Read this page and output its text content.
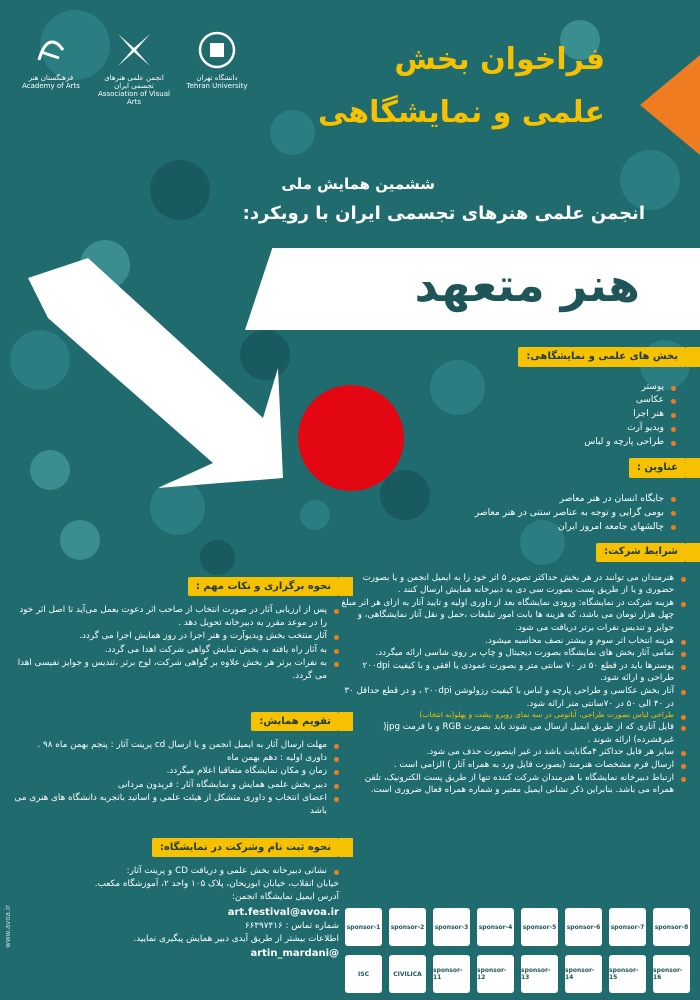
فرهنگستان هنر
Academy of Arts
انجمن علمی هنرهای تجسمی ایران
Association of Visual Arts
دانشگاه تهران
Tehran University
فراخوان بخش
علمی و نمایشگاهی
ششمین همایش ملی
انجمن علمی هنرهای تجسمی ایران با رویکرد:
هنر متعهد
بخش های علمی و نمایشگاهی:
پوستر
عکاسی
هنر اجرا
ویدیو آرت
طراحی پارچه و لباس
عناوین :
جایگاه انسان در هنر معاصر
بومی گرایی و توجه به عناصر سنتی در هنر معاصر
چالشهای جامعه امروز ایران
شرایط شرکت:
هنرمندان می توانند در هر بخش حداکثر تصویر ۵ اثر خود را به ایمیل انجمن و یا بصورت حضوری و یا از طریق پست بصورت سی دی به دبیرخانه همایش ارسال کنند .
هزینه شرکت در نمایشگاه: ورودی نمایشگاه بعد از داوری اولیه و تایید آثار به ازای هر اثر مبلغ چهل هزار تومان می باشد، که هزینه ها بابت امور تبلیغات ،حمل و نقل آثار نمایشگاهی، و جوایز و تندیس نفرات برتر دریافت می شود.
هزینه انتخاب اثر سوم و بیشتر نصف محاسبه میشود.
تمامی آثار بخش های نمایشگاه بصورت دیجیتال و چاپ بر روی شاسی ارائه میگردد.
پوسترها باید در قطع ۵۰ در ۷۰ سانتی متر و بصورت عمودی یا افقی و با کیفیت ۲۰۰dpi طراحی و ارائه شود.
آثار بخش عکاسی و طراحی پارچه و لباس با کیفیت رزولوشن ۲۰۰dpi ، و در قطع حداقل ۳۰ در ۴۰ الی ۵۰ در ۷۰سانتی متر ارائه شود.
طراحی لباس بصورت طراحی، آناتومی در سه نمای روبرو ،پشت و پهلو(به انتخاب)
فایل آثاری که از طریق ایمیل ارسال می شوند باید بصورت RGB و با فرمت jpg( غیرفشرده) ارائه شوند .
سایز هر فایل حداکثر ۴مگابایت باشد در غیر اینصورت حذف می شود.
ارسال فرم مشخصات هنرمند (بصورت فایل ورد به همراه آثار ) الزامی است .
ارتباط دبیرخانه نمایشگاه با هنرمندان شرکت کننده تنها از طریق پست الکترونیک، تلفن همراه می باشد. بنابراین ذکر نشانی ایمیل معتبر و شماره همراه فعال ضروری است.
نحوه برگزاری و نکات مهم :
پس از ارزیابی آثار در صورت انتخاب از صاحب اثر دعوت بعمل می‌آید تا اصل اثر خود را در موعد مقرر به دبیرخانه تحویل دهد .
آثار منتخب بخش ویدیوآرت و هنر اجرا در روز همایش اجرا می گردد.
به آثار راه یافته به بخش نمایش گواهی شرکت اهدا می گردد.
به نفرات برتر هر بخش علاوه بر گواهی شرکت، لوح برتر ،تندیس و جوایز نفیسی اهدا می گردد.
تقویم همایش:
مهلت ارسال آثار به ایمیل انجمن و یا ارسال cd پرینت آثار : پنجم بهمن ماه ۹۸ .
داوری اولیه : دهم بهمن ماه
زمان و مکان نمایشگاه متعاقبا اعلام میگردد.
دبیر بخش علمی همایش و نمایشگاه آثار : فریدون مردانی
اعضای انتخاب و داوری متشکل از هیئت علمی و اساتید باتجربه دانشگاه های هنری می باشد
نحوه ثبت نام وشرکت در نمایشگاه:
نشانی دبیرخانه بخش علمی و دریافت CD و پرینت آثار:
خیابان انقلاب، خیابان ابوریحان، پلاک ۱۰۵ واحد ۲، آموزشگاه مکعب.
آدرس ایمیل نمایشگاه انجمن:
art.festival@avoa.ir
شماره تماس : ۶۶۴۹۷۴۱۶
اطلاعات بیشتر از طریق آیدی دبیر همایش پیگیری نمایید.
artin_mardani@
www.avoa.ir	sponsor-1 sponsor-2 sponsor-3 sponsor-4 sponsor-5 sponsor-6 sponsor-7 sponsor-8
ISC	CIVILICA	sponsor-11
sponsor-12
sponsor-13
sponsor-14
sponsor-15
sponsor-16
